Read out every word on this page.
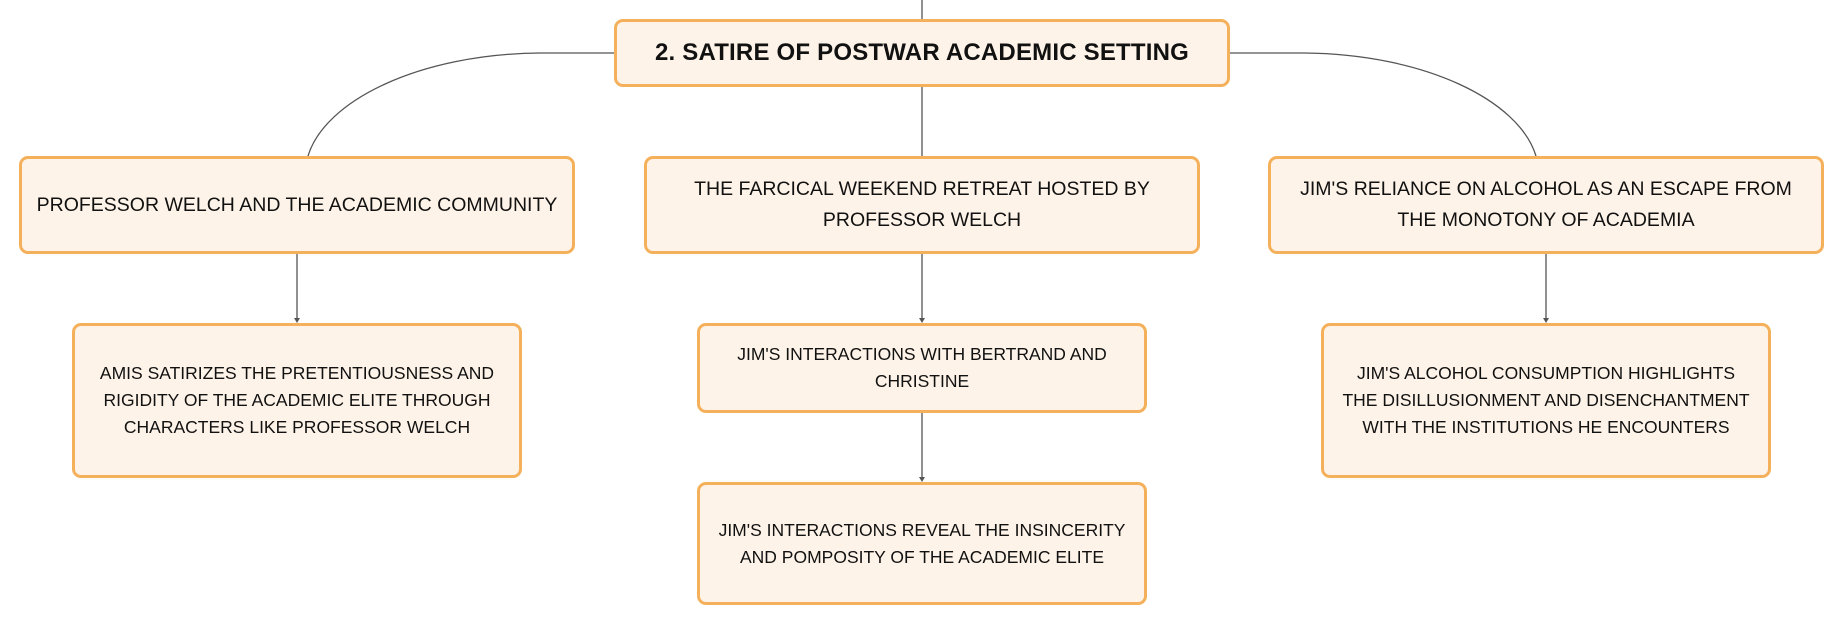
2. SATIRE OF POSTWAR ACADEMIC SETTING
PROFESSOR WELCH AND THE ACADEMIC COMMUNITY
THE FARCICAL WEEKEND RETREAT HOSTED BY PROFESSOR WELCH
JIM'S RELIANCE ON ALCOHOL AS AN ESCAPE FROM THE MONOTONY OF ACADEMIA
AMIS SATIRIZES THE PRETENTIOUSNESS AND RIGIDITY OF THE ACADEMIC ELITE THROUGH CHARACTERS LIKE PROFESSOR WELCH
JIM'S INTERACTIONS WITH BERTRAND AND CHRISTINE
JIM'S INTERACTIONS REVEAL THE INSINCERITY AND POMPOSITY OF THE ACADEMIC ELITE
JIM'S ALCOHOL CONSUMPTION HIGHLIGHTS THE DISILLUSIONMENT AND DISENCHANTMENT WITH THE INSTITUTIONS HE ENCOUNTERS
